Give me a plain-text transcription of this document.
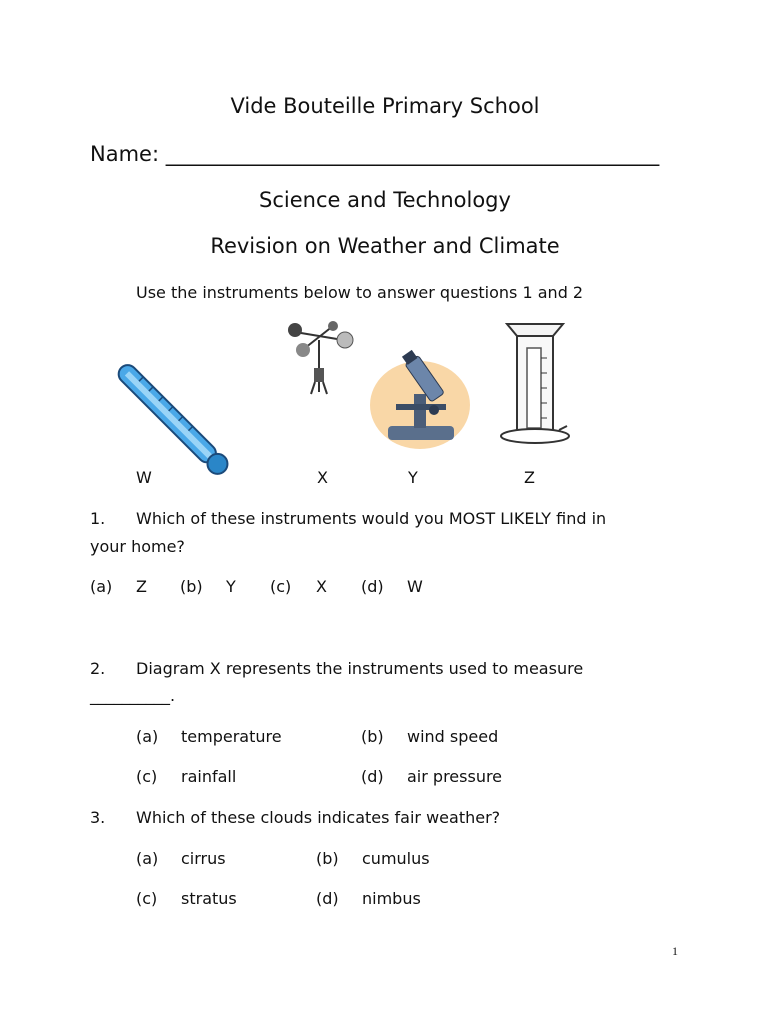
Vide Bouteille Primary School
Name: _______________________________________________
Science and Technology
Revision on Weather and Climate
Use the instruments below to answer questions 1 and 2
W	X	Y	Z
1. Which of these instruments would you MOST LIKELY find in
your home?
(a) Z (b) Y (c) X (d) W
2. Diagram X represents the instruments used to measure
__________.
(a) temperature	(b) wind speed
(c) rainfall	(d) air pressure
3. Which of these clouds indicates fair weather?
(a) cirrus	(b) cumulus
(c) stratus	(d) nimbus
1
